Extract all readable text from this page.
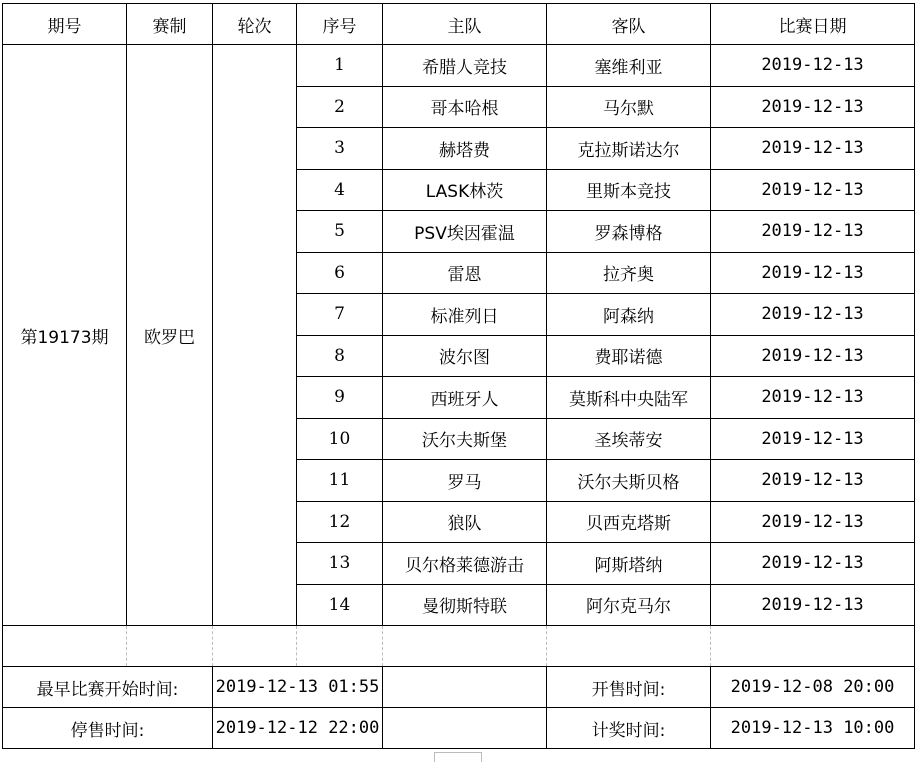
期号	赛制	轮次	序号	主队	客队	比赛日期
第19173期	欧罗巴		1	希腊人竞技	塞维利亚	2019-12-13
			2	哥本哈根	马尔默	2019-12-13
			3	赫塔费	克拉斯诺达尔	2019-12-13
			4	LASK林茨	里斯本竞技	2019-12-13
			5	PSV埃因霍温	罗森博格	2019-12-13
			6	雷恩	拉齐奥	2019-12-13
			7	标准列日	阿森纳	2019-12-13
			8	波尔图	费耶诺德	2019-12-13
			9	西班牙人	莫斯科中央陆军	2019-12-13
			10	沃尔夫斯堡	圣埃蒂安	2019-12-13
			11	罗马	沃尔夫斯贝格	2019-12-13
			12	狼队	贝西克塔斯	2019-12-13
			13	贝尔格莱德游击	阿斯塔纳	2019-12-13
			14	曼彻斯特联	阿尔克马尔	2019-12-13

最早比赛开始时间:		2019-12-13 01:55			开售时间:	2019-12-08 20:00
停售时间:		2019-12-12 22:00			计奖时间:	2019-12-13 10:00
